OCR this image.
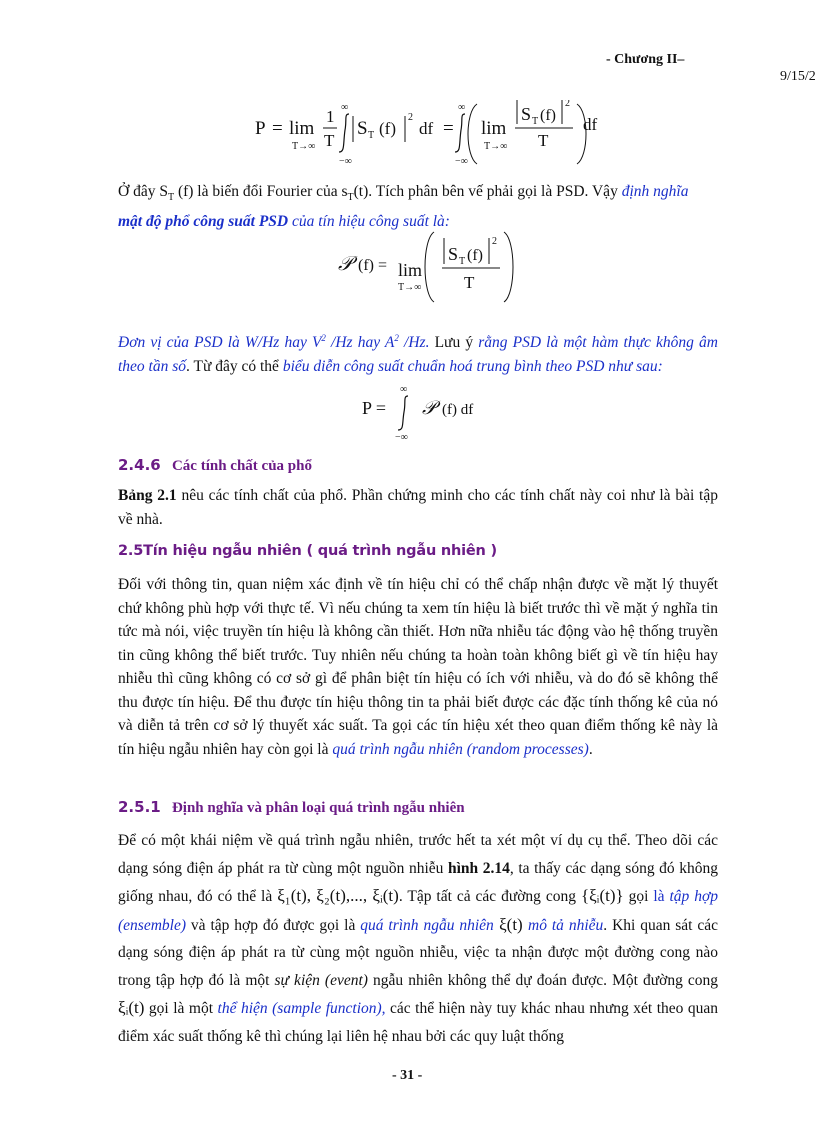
- Chương II–
9/15/2
P = lim
T→∞
1
T
∞
−∞
S T (f)
2
df =
∞
−∞
lim
T→∞
S T (f)
2
T
df

Ở đây $S_T$ (f) là biến đổi Fourier của $s_T(t)$. Tích phân bên vế phải gọi là PSD. Vậy định nghĩa
mật độ phổ công suất PSD của tín hiệu công suất là:

𝒫 (f) = lim
T→∞
S T (f)
2
T

Đơn vị của PSD là W/Hz hay $V^2$ /Hz hay $A^2$ /Hz. Lưu ý rằng PSD là một hàm thực không âm theo tần số. Từ đây có thể biểu diễn công suất chuẩn hoá trung bình theo PSD như sau:

P =
∞
−∞
𝒫 (f) df
2.4.6 Các tính chất của phổ

Bảng 2.1 nêu các tính chất của phổ. Phần chứng minh cho các tính chất này coi như là bài tập về nhà.

2.5Tín hiệu ngẫu nhiên ( quá trình ngẫu nhiên )

Đối với thông tin, quan niệm xác định về tín hiệu chỉ có thể chấp nhận được về mặt lý thuyết chứ không phù hợp với thực tế. Vì nếu chúng ta xem tín hiệu là biết trước thì về mặt ý nghĩa tin tức mà nói, việc truyền tín hiệu là không cần thiết. Hơn nữa nhiễu tác động vào hệ thống truyền tin cũng không thể biết trước. Tuy nhiên nếu chúng ta hoàn toàn không biết gì về tín hiệu hay nhiễu thì cũng không có cơ sở gì để phân biệt tín hiệu có ích với nhiễu, và do đó sẽ không thể thu được tín hiệu. Để thu được tín hiệu thông tin ta phải biết được các đặc tính thống kê của nó và diễn tả trên cơ sở lý thuyết xác suất. Ta gọi các tín hiệu xét theo quan điểm thống kê này là tín hiệu ngẫu nhiên hay còn gọi là quá trình ngẫu nhiên (random processes).

2.5.1 Định nghĩa và phân loại quá trình ngẫu nhiên

Để có một khái niệm về quá trình ngẫu nhiên, trước hết ta xét một ví dụ cụ thể. Theo dõi các dạng sóng điện áp phát ra từ cùng một nguồn nhiễu hình 2.14, ta thấy các dạng sóng đó không giống nhau, đó có thể là ξ₁(t), ξ₂(t),..., ξᵢ(t). Tập tất cả các đường cong {ξᵢ(t)} gọi là tập hợp (ensemble) và tập hợp đó được gọi là quá trình ngẫu nhiên ξ(t) mô tả nhiễu. Khi quan sát các dạng sóng điện áp phát ra từ cùng một nguồn nhiễu, việc ta nhận được một đường cong nào trong tập hợp đó là một sự kiện (event) ngẫu nhiên không thể dự đoán được. Một đường cong ξᵢ(t) gọi là một thể hiện (sample function), các thể hiện này tuy khác nhau nhưng xét theo quan điểm xác suất thống kê thì chúng lại liên hệ nhau bởi các quy luật thống

- 31 -
